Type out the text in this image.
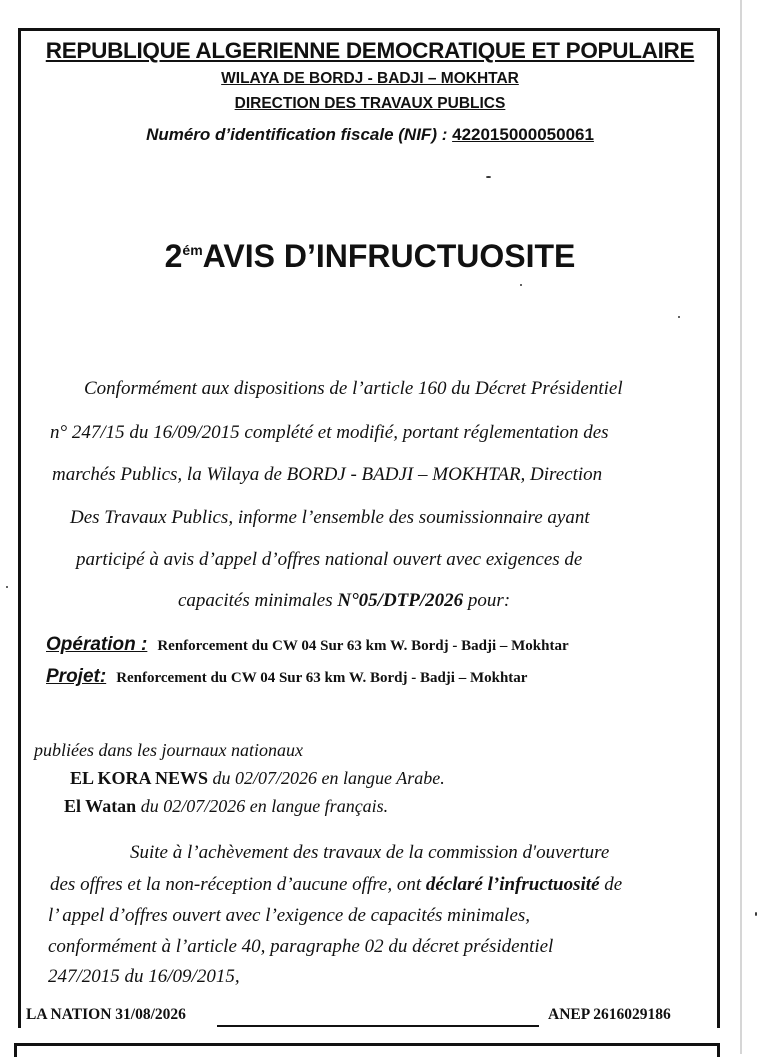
REPUBLIQUE ALGERIENNE DEMOCRATIQUE ET POPULAIRE
WILAYA DE BORDJ - BADJI – MOKHTAR
DIRECTION DES TRAVAUX PUBLICS
Numéro d’identification fiscale (NIF) : 422015000050061
$2^{ém}AVIS$ D’INFRUCTUOSITE
Conformément aux dispositions de l’article 160 du Décret Présidentiel
n° 247/15 du 16/09/2015 complété et modifié, portant réglementation des
marchés Publics, la Wilaya de BORDJ - BADJI – MOKHTAR, Direction
Des Travaux Publics, informe l’ensemble des soumissionnaire ayant
participé à avis d’appel d’offres national ouvert avec exigences de
capacités minimales N°05/DTP/2026 pour:
Opération : Renforcement du CW 04 Sur 63 km W. Bordj - Badji – Mokhtar
Projet: Renforcement du CW 04 Sur 63 km W. Bordj - Badji – Mokhtar
publiées dans les journaux nationaux
EL KORA NEWS du 02/07/2026 en langue Arabe.
El Watan du 02/07/2026 en langue français.
Suite à l’achèvement des travaux de la commission d'ouverture
des offres et la non-réception d’aucune offre, ont déclaré l’infructuosité de
l’ appel d’offres ouvert avec l’exigence de capacités minimales,
conformément à l’article 40, paragraphe 02 du décret présidentiel
247/2015 du 16/09/2015,
LA NATION 31/08/2026	ANEP 2616029186
